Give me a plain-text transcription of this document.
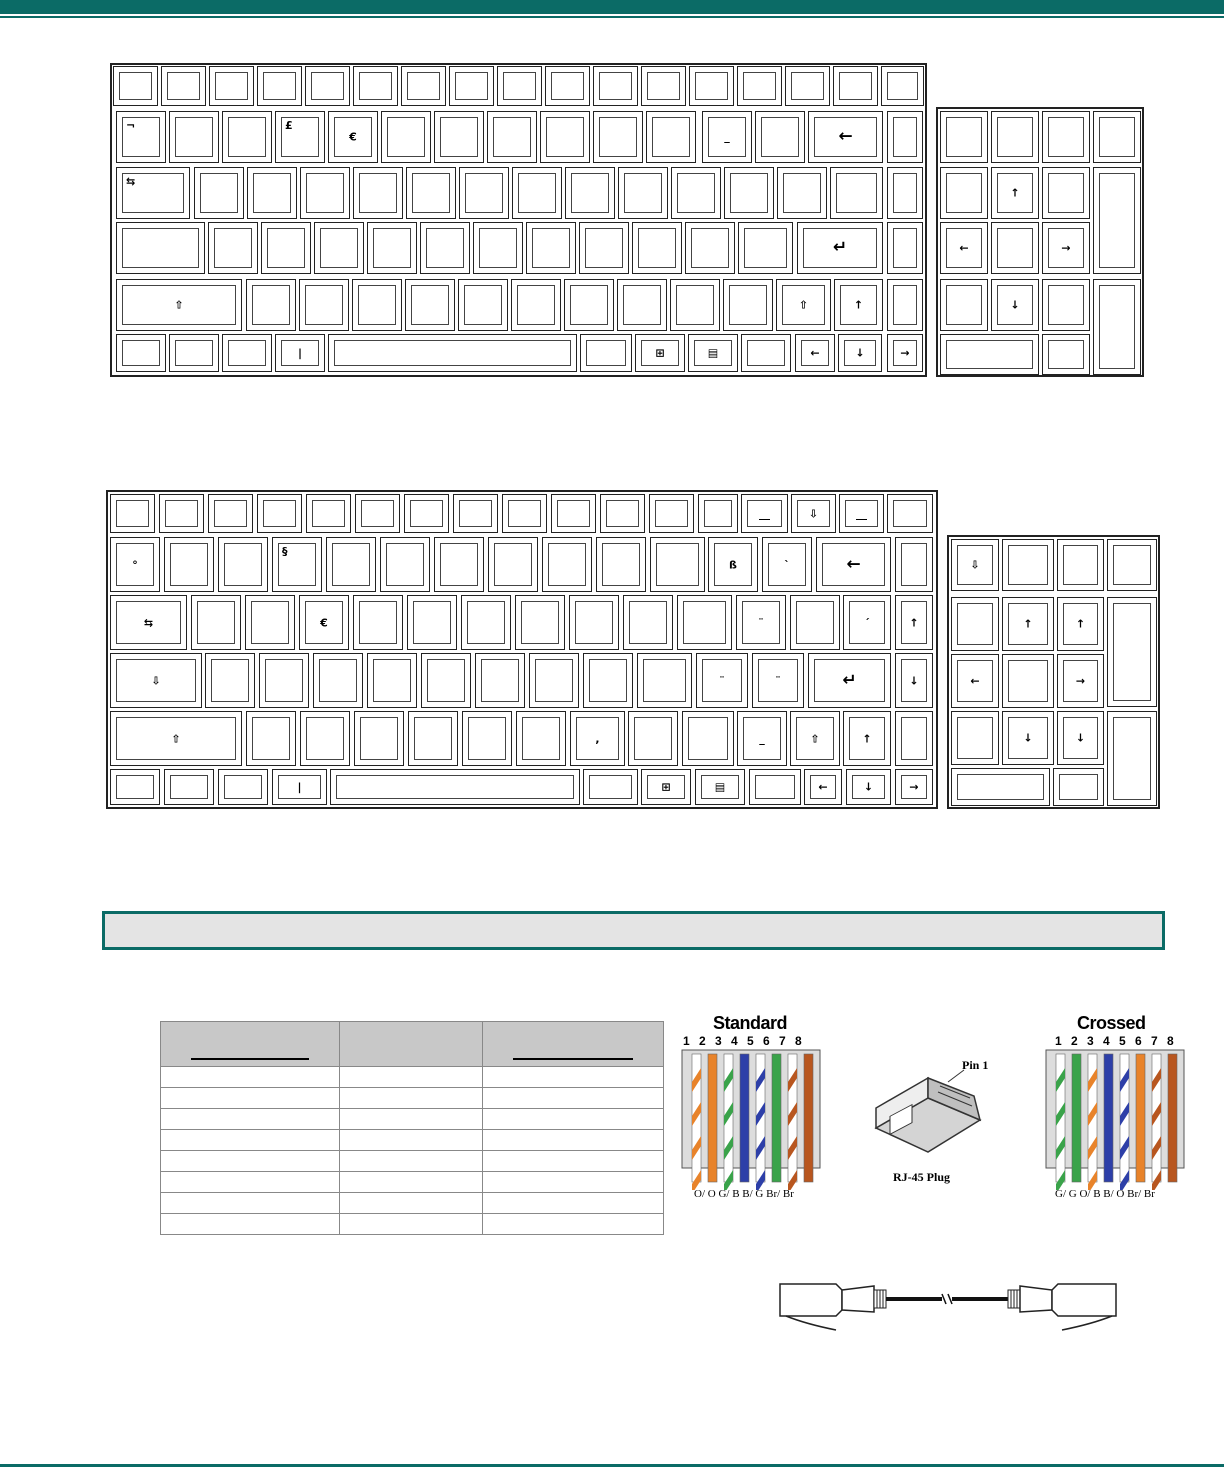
¬	£
€	_	←
⇆
↵
⇧	⇧	↑
|	⊞	▤	←	↓	→
↑
←	→
↓
__	⇩	__
°
§
ß	`	←
⇆	€	¨	´	↑
⇩	¨	¨	↵	↓
⇧	,	_	⇧	↑
|	⊞	▤	←	↓	→
⇩
↑	↑
←	→
↓	↓

Standard
1 2 3 4 5 6 7 8
O/ O G/ B B/ G Br/ Br
Crossed
1 2 3 4 5 6 7 8
G/ G O/ B B/ O Br/ Br
Pin 1
RJ-45 Plug
